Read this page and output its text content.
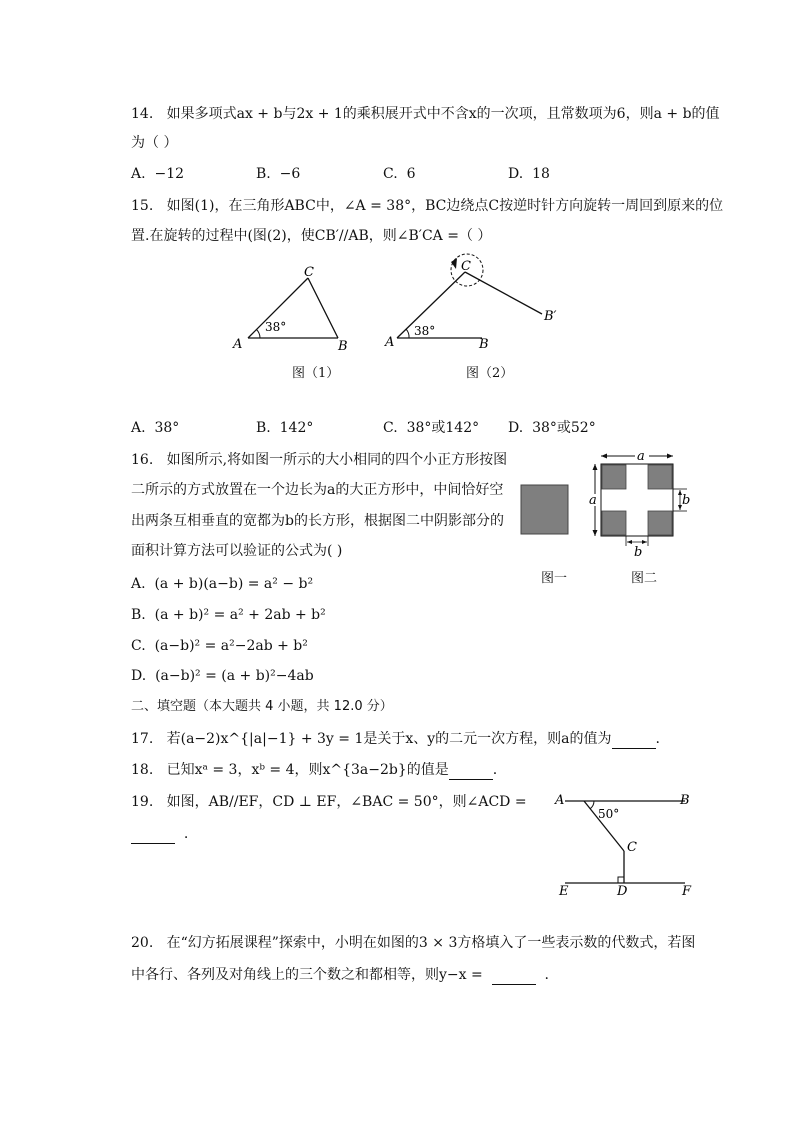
14.   如果多项式ax + b与2x + 1的乘积展开式中不含x的一次项，且常数项为6，则a + b的值
为（ ）
A.  −12	B.  −6	C.  6	D.  18
15.   如图(1)，在三角形ABC中，∠A = 38°，BC边绕点C按逆时针方向旋转一周回到原来的位
置.在旋转的过程中(图(2)，使CB′//AB，则∠B′CA =（ ）
C
A	B
38°
图（1）
C
A	B
B′
38°
图（2）
A.  38°	B.  142°	C.  38°或142° D.  38°或52°
16.   如图所示,将如图一所示的大小相同的四个小正方形按图
二所示的方式放置在一个边长为a的大正方形中，中间恰好空
出两条互相垂直的宽都为b的长方形，根据图二中阴影部分的
面积计算方法可以验证的公式为( )
a
a	b
b
图一	图二
A.  (a + b)(a−b) = a² − b²
B.  (a + b)² = a² + 2ab + b²
C.  (a−b)² = a²−2ab + b²
D.  (a−b)² = (a + b)²−4ab
二、填空题（本大题共 4 小题，共 12.0 分）
17.   若(a−2)x^{|a|−1} + 3y = 1是关于x、y的二元一次方程，则a的值为	.
18.   已知xᵃ = 3，xᵇ = 4，则x^{3a−2b}的值是	.
19.   如图，AB//EF，CD ⊥ EF，∠BAC = 50°，则∠ACD =
.
A	B
C
D
E	F
50°
20.   在“幻方拓展课程”探索中，小明在如图的3 × 3方格填入了一些表示数的代数式，若图
中各行、各列及对角线上的三个数之和都相等，则y−x =	.
